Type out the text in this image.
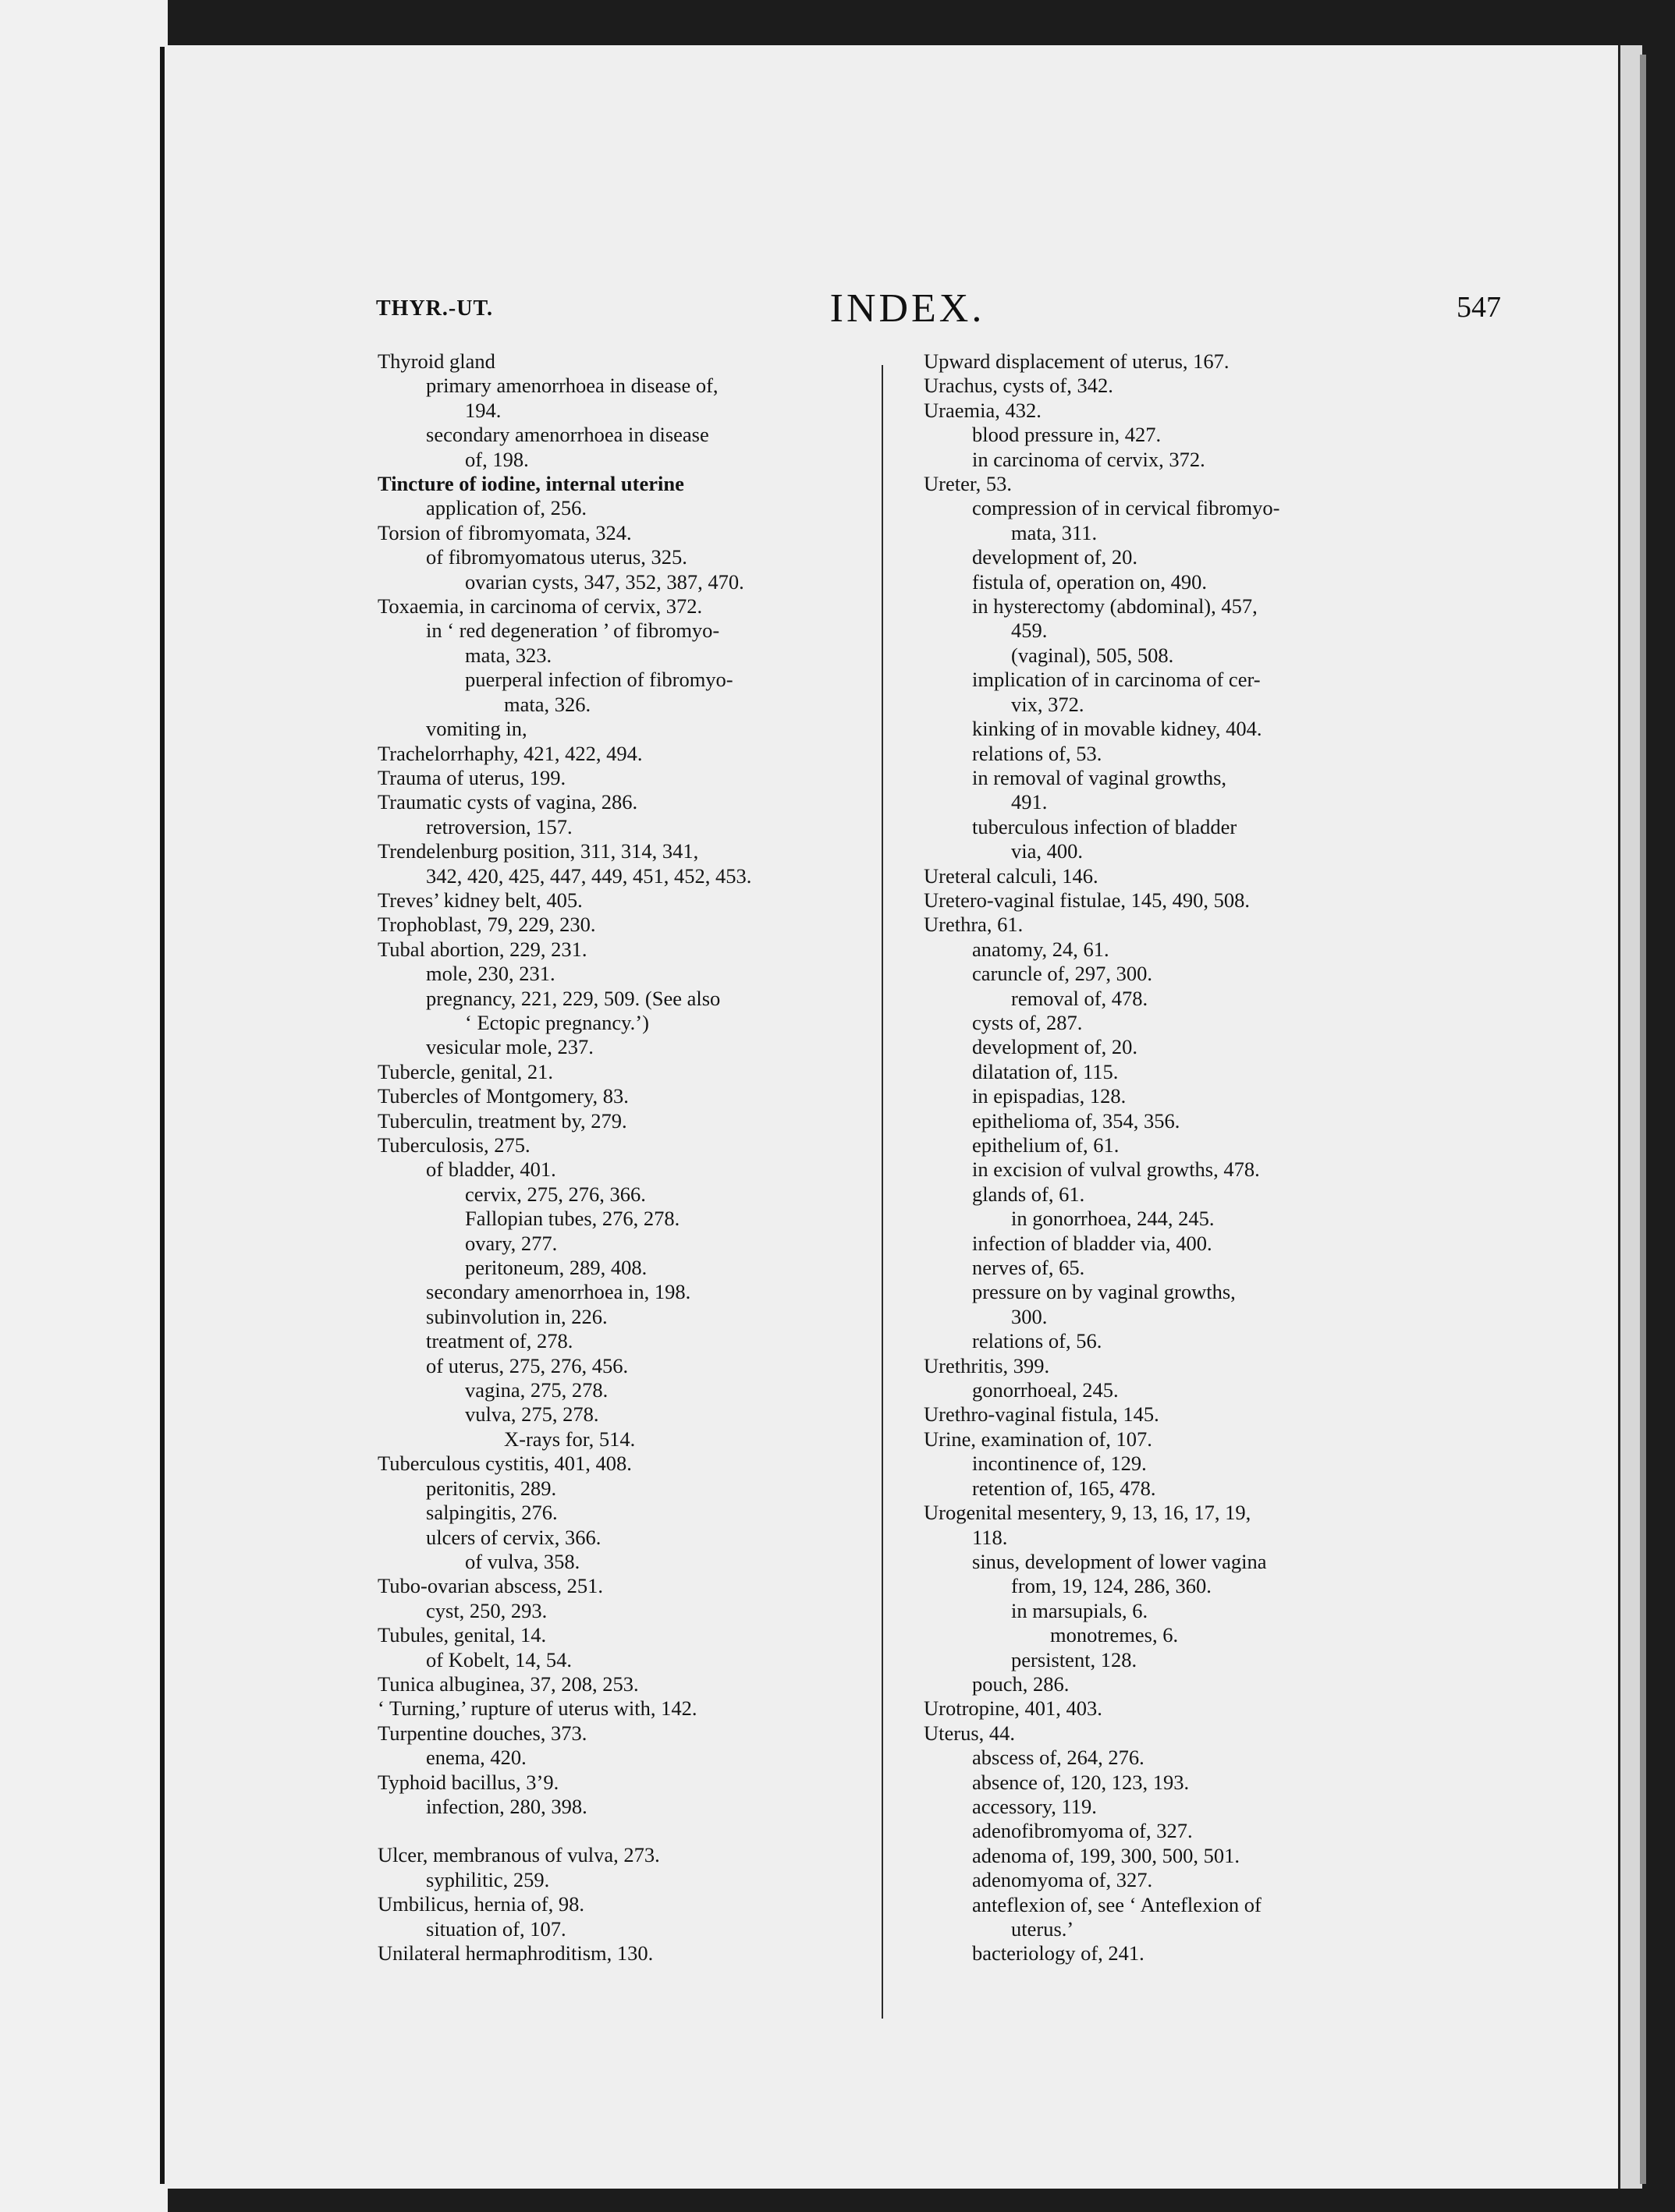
THYR.-UT.	INDEX.	547
Thyroid gland
primary amenorrhoea in disease of,
194.
secondary amenorrhoea in disease
of, 198.
Tincture of iodine, internal uterine
application of, 256.
Torsion of fibromyomata, 324.
of fibromyomatous uterus, 325.
ovarian cysts, 347, 352, 387, 470.
Toxaemia, in carcinoma of cervix, 372.
in ‘ red degeneration ’ of fibromyo-
mata, 323.
puerperal infection of fibromyo-
mata, 326.
vomiting in,
Trachelorrhaphy, 421, 422, 494.
Trauma of uterus, 199.
Traumatic cysts of vagina, 286.
retroversion, 157.
Trendelenburg position, 311, 314, 341,
342, 420, 425, 447, 449, 451, 452, 453.
Treves’ kidney belt, 405.
Trophoblast, 79, 229, 230.
Tubal abortion, 229, 231.
mole, 230, 231.
pregnancy, 221, 229, 509. (See also
‘ Ectopic pregnancy.’)
vesicular mole, 237.
Tubercle, genital, 21.
Tubercles of Montgomery, 83.
Tuberculin, treatment by, 279.
Tuberculosis, 275.
of bladder, 401.
cervix, 275, 276, 366.
Fallopian tubes, 276, 278.
ovary, 277.
peritoneum, 289, 408.
secondary amenorrhoea in, 198.
subinvolution in, 226.
treatment of, 278.
of uterus, 275, 276, 456.
vagina, 275, 278.
vulva, 275, 278.
X-rays for, 514.
Tuberculous cystitis, 401, 408.
peritonitis, 289.
salpingitis, 276.
ulcers of cervix, 366.
of vulva, 358.
Tubo-ovarian abscess, 251.
cyst, 250, 293.
Tubules, genital, 14.
of Kobelt, 14, 54.
Tunica albuginea, 37, 208, 253.
‘ Turning,’ rupture of uterus with, 142.
Turpentine douches, 373.
enema, 420.
Typhoid bacillus, 3’9.
infection, 280, 398.
Ulcer, membranous of vulva, 273.
syphilitic, 259.
Umbilicus, hernia of, 98.
situation of, 107.
Unilateral hermaphroditism, 130.
Upward displacement of uterus, 167.
Urachus, cysts of, 342.
Uraemia, 432.
blood pressure in, 427.
in carcinoma of cervix, 372.
Ureter, 53.
compression of in cervical fibromyo-
mata, 311.
development of, 20.
fistula of, operation on, 490.
in hysterectomy (abdominal), 457,
459.
(vaginal), 505, 508.
implication of in carcinoma of cer-
vix, 372.
kinking of in movable kidney, 404.
relations of, 53.
in removal of vaginal growths,
491.
tuberculous infection of bladder
via, 400.
Ureteral calculi, 146.
Uretero-vaginal fistulae, 145, 490, 508.
Urethra, 61.
anatomy, 24, 61.
caruncle of, 297, 300.
removal of, 478.
cysts of, 287.
development of, 20.
dilatation of, 115.
in epispadias, 128.
epithelioma of, 354, 356.
epithelium of, 61.
in excision of vulval growths, 478.
glands of, 61.
in gonorrhoea, 244, 245.
infection of bladder via, 400.
nerves of, 65.
pressure on by vaginal growths,
300.
relations of, 56.
Urethritis, 399.
gonorrhoeal, 245.
Urethro-vaginal fistula, 145.
Urine, examination of, 107.
incontinence of, 129.
retention of, 165, 478.
Urogenital mesentery, 9, 13, 16, 17, 19,
118.
sinus, development of lower vagina
from, 19, 124, 286, 360.
in marsupials, 6.
monotremes, 6.
persistent, 128.
pouch, 286.
Urotropine, 401, 403.
Uterus, 44.
abscess of, 264, 276.
absence of, 120, 123, 193.
accessory, 119.
adenofibromyoma of, 327.
adenoma of, 199, 300, 500, 501.
adenomyoma of, 327.
anteflexion of, see ‘ Anteflexion of
uterus.’
bacteriology of, 241.
